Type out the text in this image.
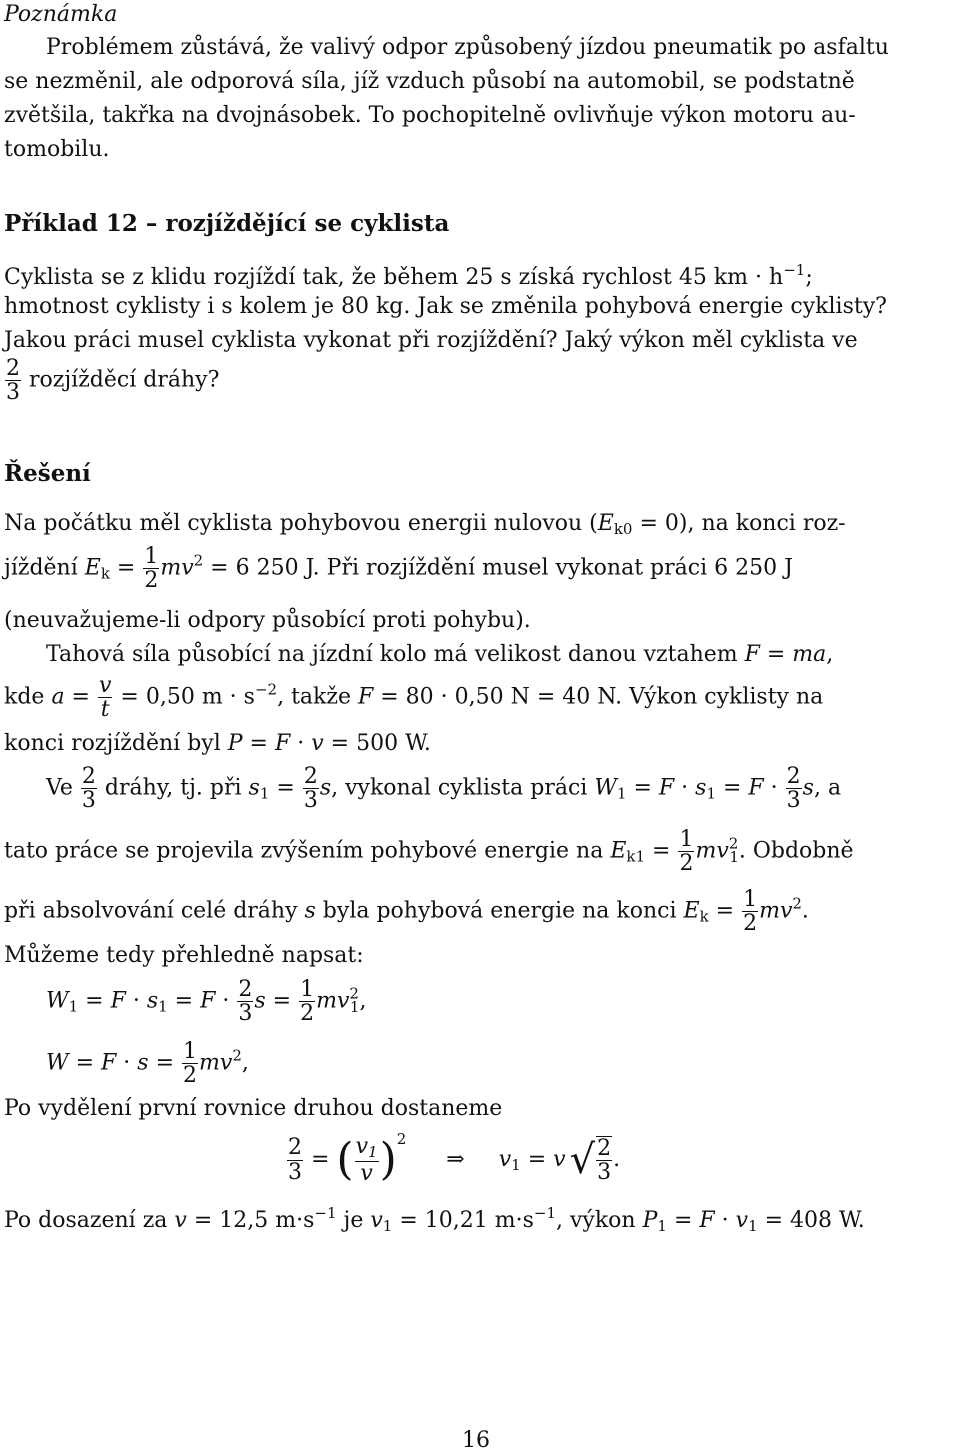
Poznámka
Problémem zůstává, že valivý odpor způsobený jízdou pneumatik po asfaltu
se nezměnil, ale odporová síla, jíž vzduch působí na automobil, se podstatně
zvětšila, takřka na dvojnásobek. To pochopitelně ovlivňuje výkon motoru au-
tomobilu.
Příklad 12 – rozjíždějící se cyklista
Cyklista se z klidu rozjíždí tak, že během 25 s získá rychlost 45 km · $h^{-1}$;
hmotnost cyklisty i s kolem je 80 kg. Jak se změnila pohybová energie cyklisty?
Jakou práci musel cyklista vykonat při rozjíždění? Jaký výkon měl cyklista ve
$\frac{2}{3}$ rozjížděcí dráhy?
Řešení
Na počátku měl cyklista pohybovou energii nulovou $(E_{k0} = 0)$, na konci roz-
jíždění $E_k = \frac{1}{2} mv^2 = 6$ 250 J. Při rozjíždění musel vykonat práci 6 250 J
(neuvažujeme-li odpory působící proti pohybu).
Tahová síla působící na jízdní kolo má velikost danou vztahem F = ma,
kde $a = \frac{v}{t} = 0,50$ $m \cdot s^{-2}$, takže F = 80 · 0,50 N = 40 N. Výkon cyklisty na
konci rozjíždění byl P = F · v = 500 W.
Ve $\frac{2}{3}$ dráhy, tj. při $s_1 = \frac{2}{3} s$, vykonal cyklista práci $W_1 = F \cdot s_1 = F \cdot \frac{2}{3} s$, a
tato práce se projevila zvýšením pohybové energie na $E_{k1} = \frac{1}{2} mv^2_1$. Obdobně
při absolvování celé dráhy s byla pohybová energie na konci $E_k = \frac{1}{2} mv^2$.
Můžeme tedy přehledně napsat:
$W_1 = F \cdot s_1 = F \cdot \frac{2}{3}$ $s = \frac{1}{2} mv^2_1$,
$W = F \cdot s = \frac{1}{2} mv^2$,
Po vydělení první rovnice druhou dostaneme
$\frac{2}{3}$ = ( $\frac{v_1}{v}$ )$^2$⇒ $v_1 = v$ √ $\frac{2}{3}$ .
Po dosazení za v = 12,5 $m\cdot s^{-1}$ je $v_1 = 10,21$ $m\cdot s^{-1}$, výkon $P_1 = F \cdot v_1 = 408$ W.
16
